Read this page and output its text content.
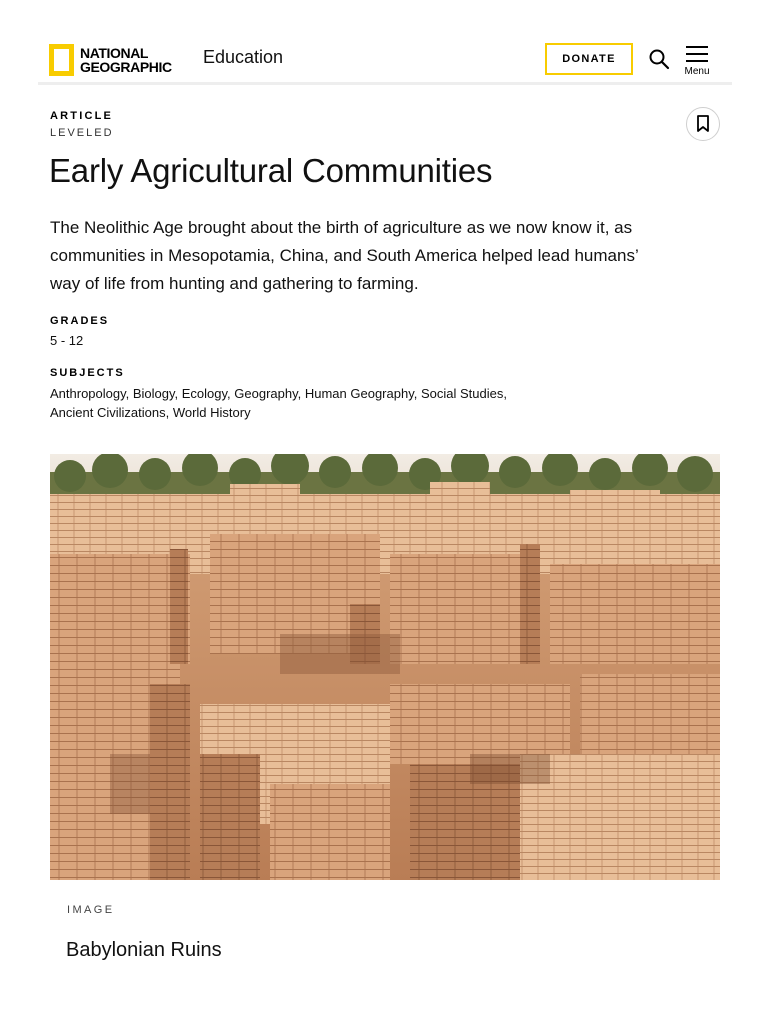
NATIONAL
GEOGRAPHIC Education	DONATE
Menu
ARTICLE
LEVELED
Early Agricultural Communities

The Neolithic Age brought about the birth of agriculture as we now know it, as communities in Mesopotamia, China, and South America helped lead humans’ way of life from hunting and gathering to farming.

GRADES
5 - 12
SUBJECTS
Anthropology, Biology, Ecology, Geography, Human Geography, Social Studies, Ancient Civilizations, World History
IMAGE
Babylonian Ruins
